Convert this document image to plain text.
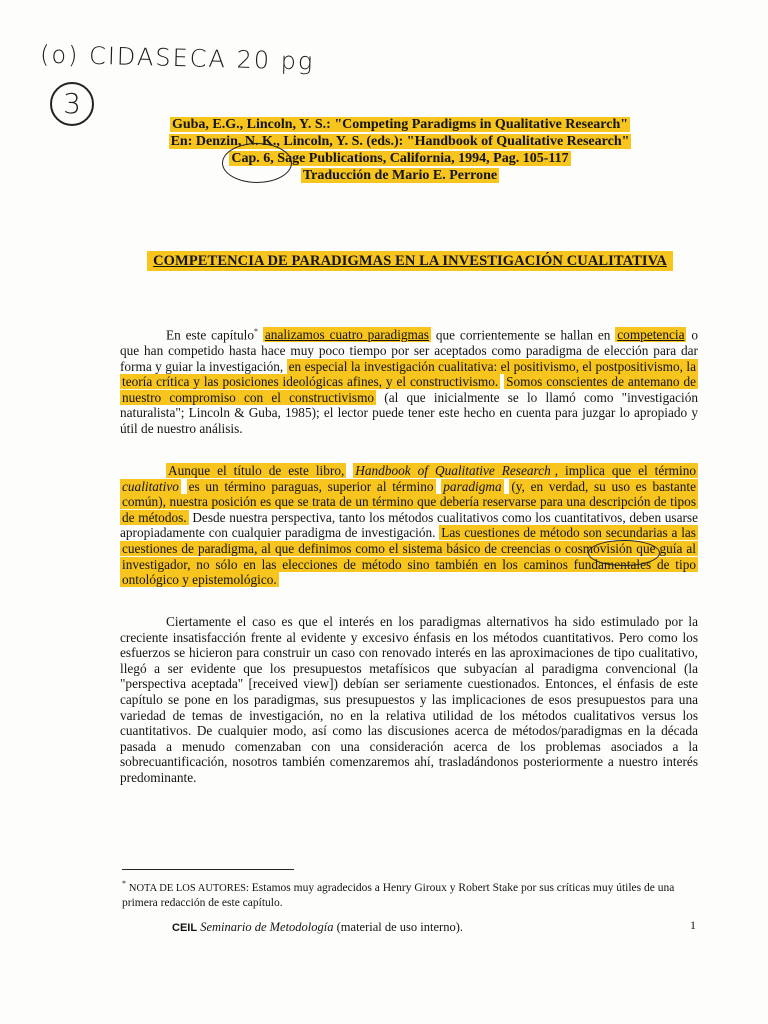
(o) CIDASECA 20 pg
3
Guba, E.G., Lincoln, Y. S.: "Competing Paradigms in Qualitative Research"
En: Denzin, N. K., Lincoln, Y. S. (eds.): "Handbook of Qualitative Research"
Cap. 6, Sage Publications, California, 1994, Pag. 105-117
Traducción de Mario E. Perrone
COMPETENCIA DE PARADIGMAS EN LA INVESTIGACIÓN CUALITATIVA

En este capítulo* analizamos cuatro paradigmas que corrientemente se hallan en competencia o que han competido hasta hace muy poco tiempo por ser aceptados como paradigma de elección para dar forma y guiar la investigación, en especial la investigación cualitativa: el positivismo, el postpositivismo, la teoría crítica y las posiciones ideológicas afines, y el constructivismo. Somos conscientes de antemano de nuestro compromiso con el constructivismo (al que inicialmente se lo llamó como "investigación naturalista"; Lincoln & Guba, 1985); el lector puede tener este hecho en cuenta para juzgar lo apropiado y útil de nuestro análisis.

Aunque el título de este libro, Handbook of Qualitative Research , implica que el término cualitativo es un término paraguas, superior al término paradigma (y, en verdad, su uso es bastante común), nuestra posición es que se trata de un término que debería reservarse para una descripción de tipos de métodos. Desde nuestra perspectiva, tanto los métodos cualitativos como los cuantitativos, deben usarse apropiadamente con cualquier paradigma de investigación. Las cuestiones de método son secundarias a las cuestiones de paradigma, al que definimos como el sistema básico de creencias o cosmovisión que guía al investigador, no sólo en las elecciones de método sino también en los caminos fundamentales de tipo ontológico y epistemológico.

Ciertamente el caso es que el interés en los paradigmas alternativos ha sido estimulado por la creciente insatisfacción frente al evidente y excesivo énfasis en los métodos cuantitativos. Pero como los esfuerzos se hicieron para construir un caso con renovado interés en las aproximaciones de tipo cualitativo, llegó a ser evidente que los presupuestos metafísicos que subyacían al paradigma convencional (la "perspectiva aceptada" [received view]) debían ser seriamente cuestionados. Entonces, el énfasis de este capítulo se pone en los paradigmas, sus presupuestos y las implicaciones de esos presupuestos para una variedad de temas de investigación, no en la relativa utilidad de los métodos cualitativos versus los cuantitativos. De cualquier modo, así como las discusiones acerca de métodos/paradigmas en la década pasada a menudo comenzaban con una consideración acerca de los problemas asociados a la sobrecuantificación, nosotros también comenzaremos ahí, trasladándonos posteriormente a nuestro interés predominante.

* NOTA DE LOS AUTORES: Estamos muy agradecidos a Henry Giroux y Robert Stake por sus críticas muy útiles de una primera redacción de este capítulo.
CEIL Seminario de Metodología (material de uso interno).	1
